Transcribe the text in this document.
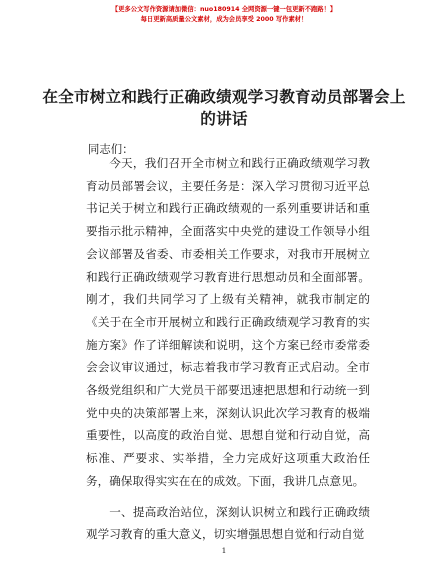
【更多公文写作资源请加微信：nuo180914 全网资源一键一包更新不跑路！】
每日更新高质量公文素材，成为会员享受 2000 写作素材！
在全市树立和践行正确政绩观学习教育动员部署会上的讲话
同志们：

今天，我们召开全市树立和践行正确政绩观学习教育动员部署会议，主要任务是：深入学习贯彻习近平总书记关于树立和践行正确政绩观的一系列重要讲话和重要指示批示精神，全面落实中央党的建设工作领导小组会议部署及省委、市委相关工作要求，对我市开展树立和践行正确政绩观学习教育进行思想动员和全面部署。刚才，我们共同学习了上级有关精神，就我市制定的《关于在全市开展树立和践行正确政绩观学习教育的实施方案》作了详细解读和说明，这个方案已经市委常委会会议审议通过，标志着我市学习教育正式启动。全市各级党组织和广大党员干部要迅速把思想和行动统一到党中央的决策部署上来，深刻认识此次学习教育的极端重要性，以高度的政治自觉、思想自觉和行动自觉，高标准、严要求、实举措，全力完成好这项重大政治任务，确保取得实实在在的成效。下面，我讲几点意见。

一、提高政治站位，深刻认识树立和践行正确政绩观学习教育的重大意义，切实增强思想自觉和行动自觉

1
